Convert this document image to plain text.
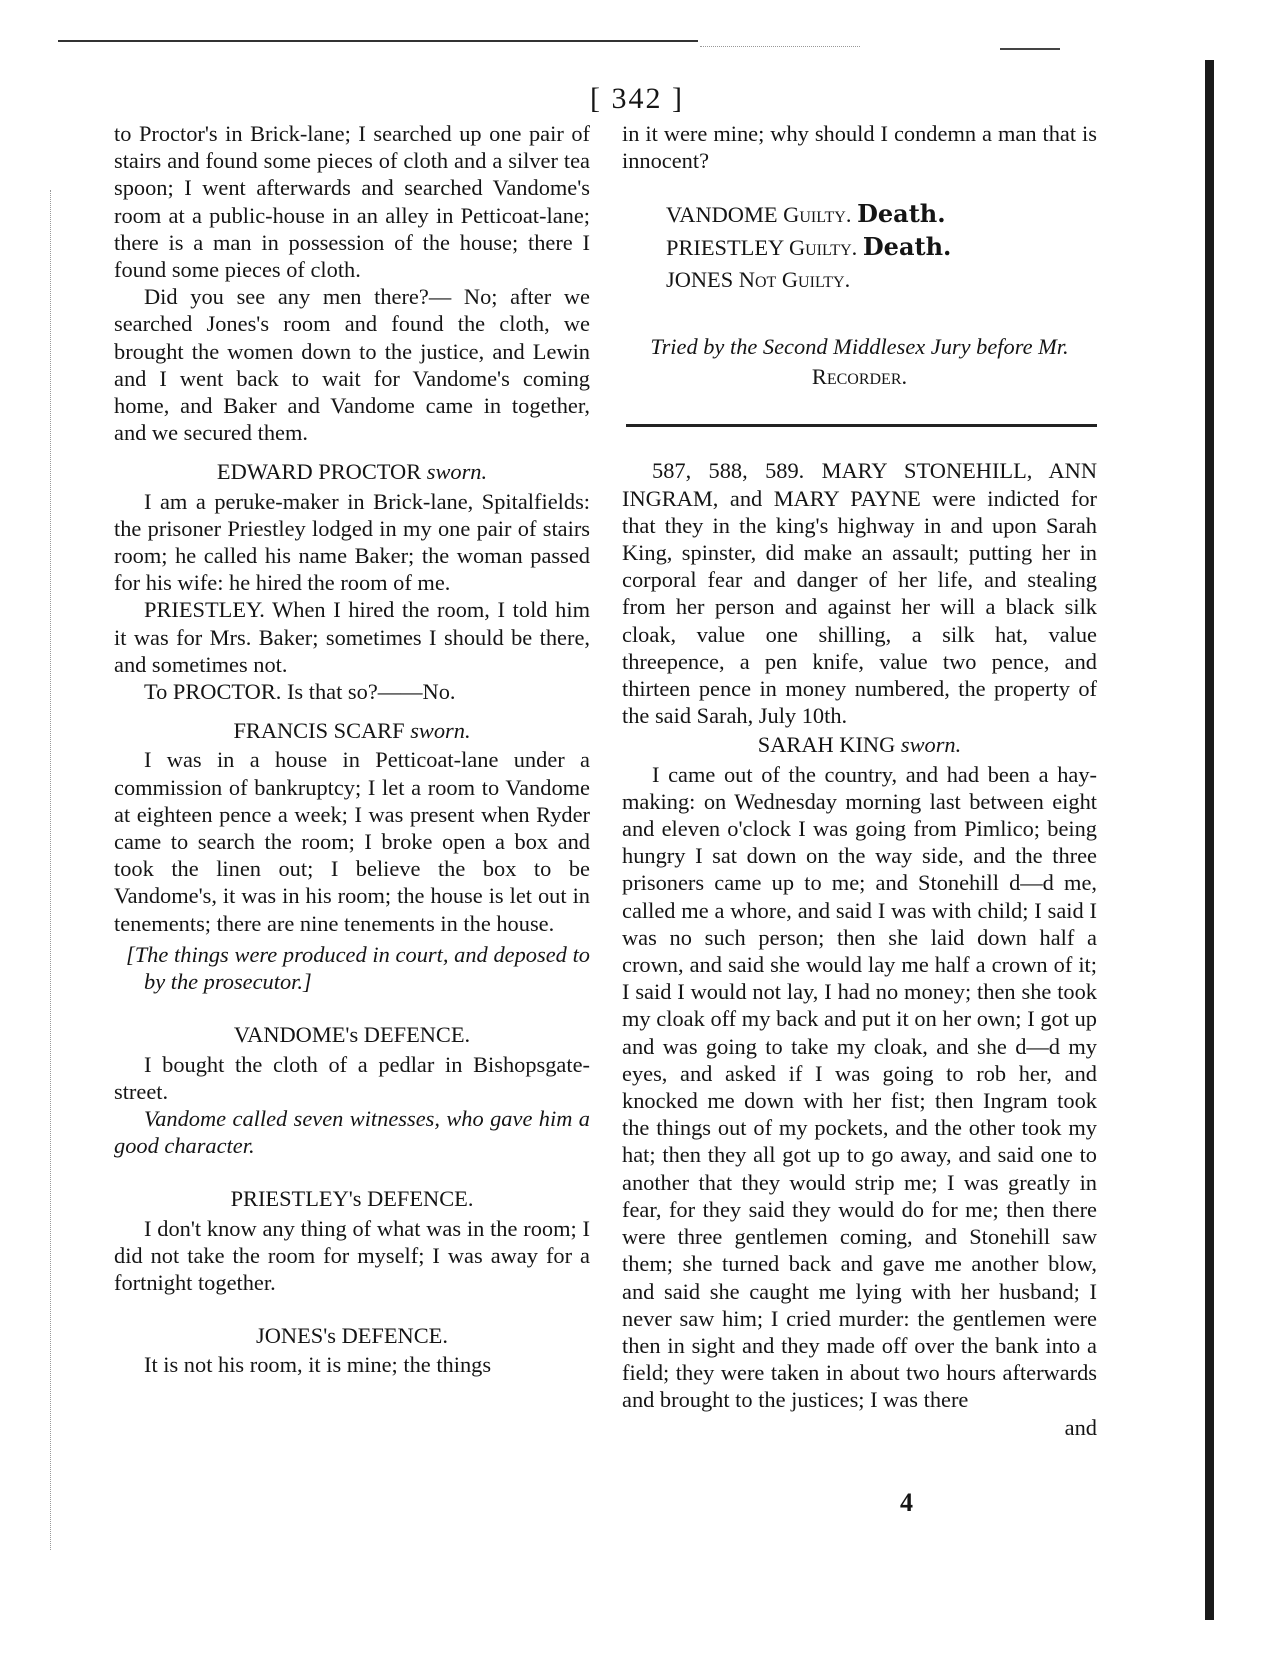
[ 342 ]

to Proctor's in Brick-lane; I searched up one pair of stairs and found some pieces of cloth and a silver tea spoon; I went afterwards and searched Vandome's room at a public-house in an alley in Petticoat-lane; there is a man in possession of the house; there I found some pieces of cloth.

Did you see any men there?— No; after we searched Jones's room and found the cloth, we brought the women down to the justice, and Lewin and I went back to wait for Vandome's coming home, and Baker and Vandome came in together, and we secured them.

EDWARD PROCTOR sworn.

I am a peruke-maker in Brick-lane, Spitalfields: the prisoner Priestley lodged in my one pair of stairs room; he called his name Baker; the woman passed for his wife: he hired the room of me.

PRIESTLEY. When I hired the room, I told him it was for Mrs. Baker; sometimes I should be there, and sometimes not.

To PROCTOR. Is that so?——No.

FRANCIS SCARF sworn.

I was in a house in Petticoat-lane under a commission of bankruptcy; I let a room to Vandome at eighteen pence a week; I was present when Ryder came to search the room; I broke open a box and took the linen out; I believe the box to be Vandome's, it was in his room; the house is let out in tenements; there are nine tenements in the house.

[The things were produced in court, and deposed to by the prosecutor.]
VANDOME's DEFENCE.

I bought the cloth of a pedlar in Bishopsgate-street.

Vandome called seven witnesses, who gave him a good character.

PRIESTLEY's DEFENCE.

I don't know any thing of what was in the room; I did not take the room for myself; I was away for a fortnight together.

JONES's DEFENCE.

It is not his room, it is mine; the things

in it were mine; why should I condemn a man that is innocent?

VANDOME Guilty. Death.
PRIESTLEY Guilty. Death.
JONES Not Guilty.
Tried by the Second Middlesex Jury before Mr.
Recorder.

587, 588, 589. MARY STONEHILL, ANN INGRAM, and MARY PAYNE were indicted for that they in the king's highway in and upon Sarah King, spinster, did make an assault; putting her in corporal fear and danger of her life, and stealing from her person and against her will a black silk cloak, value one shilling, a silk hat, value threepence, a pen knife, value two pence, and thirteen pence in money numbered, the property of the said Sarah, July 10th.

SARAH KING sworn.

I came out of the country, and had been a hay-making: on Wednesday morning last between eight and eleven o'clock I was going from Pimlico; being hungry I sat down on the way side, and the three prisoners came up to me; and Stonehill d—d me, called me a whore, and said I was with child; I said I was no such person; then she laid down half a crown, and said she would lay me half a crown of it; I said I would not lay, I had no money; then she took my cloak off my back and put it on her own; I got up and was going to take my cloak, and she d—d my eyes, and asked if I was going to rob her, and knocked me down with her fist; then Ingram took the things out of my pockets, and the other took my hat; then they all got up to go away, and said one to another that they would strip me; I was greatly in fear, for they said they would do for me; then there were three gentlemen coming, and Stonehill saw them; she turned back and gave me another blow, and said she caught me lying with her husband; I never saw him; I cried murder: the gentlemen were then in sight and they made off over the bank into a field; they were taken in about two hours afterwards and brought to the justices; I was there

and
4
